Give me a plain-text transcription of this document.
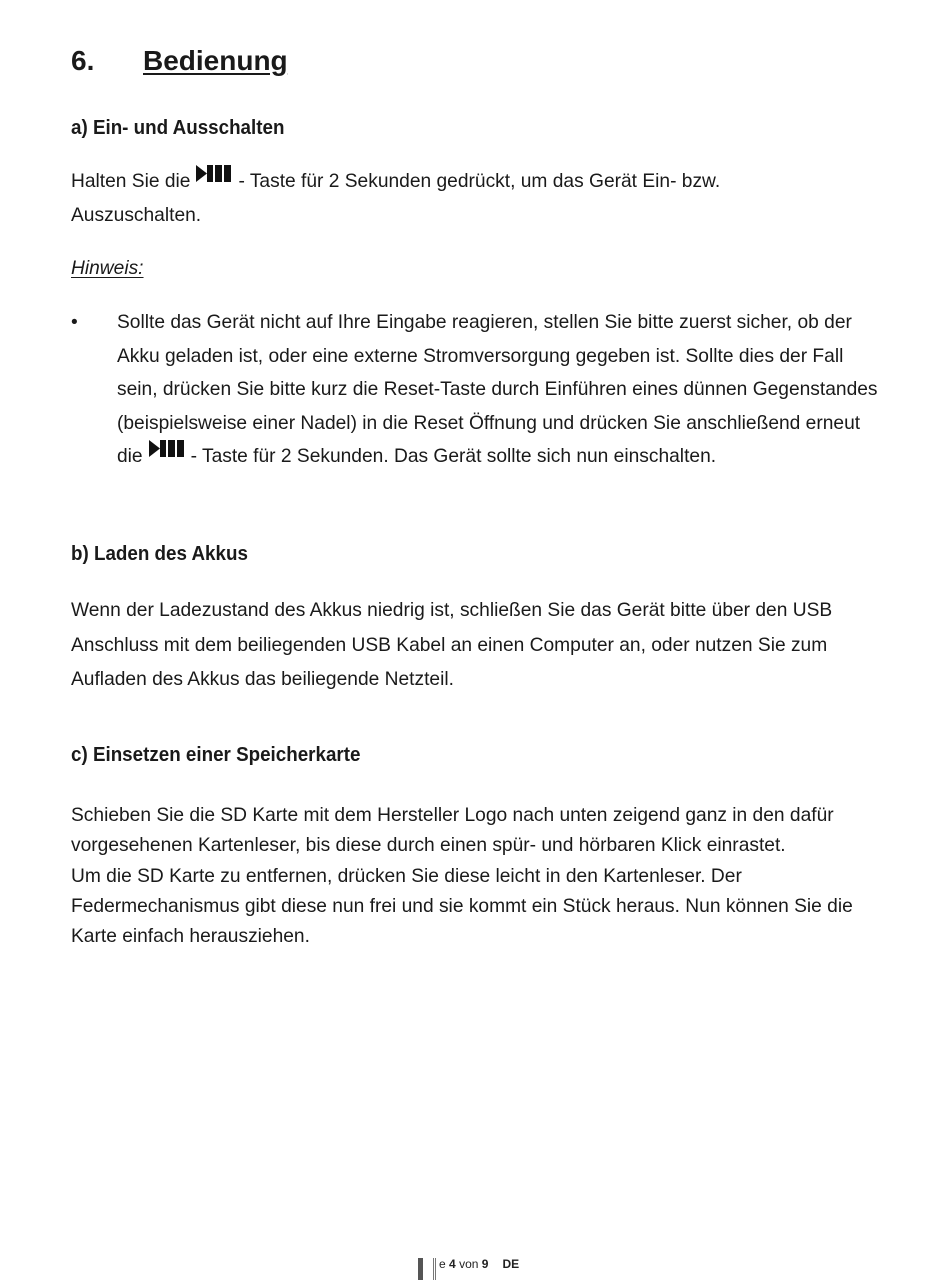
6.	Bedienung
a) Ein- und Ausschalten
Halten Sie die	- Taste für 2 Sekunden gedrückt, um das Gerät Ein- bzw.
Auszuschalten.
Hinweis:
• Sollte das Gerät nicht auf Ihre Eingabe reagieren, stellen Sie bitte zuerst sicher, ob der Akku geladen ist, oder eine externe Stromversorgung gegeben ist. Sollte dies der Fall sein, drücken Sie bitte kurz die Reset-Taste durch Einführen eines dünnen Gegenstandes (beispielsweise einer Nadel) in die Reset Öffnung und drücken Sie anschließend erneut die	- Taste für 2 Sekunden. Das Gerät sollte sich nun einschalten.
b) Laden des Akkus
Wenn der Ladezustand des Akkus niedrig ist, schließen Sie das Gerät bitte über den USB Anschluss mit dem beiliegenden USB Kabel an einen Computer an, oder nutzen Sie zum Aufladen des Akkus das beiliegende Netzteil.
c) Einsetzen einer Speicherkarte
Schieben Sie die SD Karte mit dem Hersteller Logo nach unten zeigend ganz in den dafür vorgesehenen Kartenleser, bis diese durch einen spür- und hörbaren Klick einrastet.
Um die SD Karte zu entfernen, drücken Sie diese leicht in den Kartenleser. Der Federmechanismus gibt diese nun frei und sie kommt ein Stück heraus. Nun können Sie die Karte einfach herausziehen.
e
4
von
9 DE
